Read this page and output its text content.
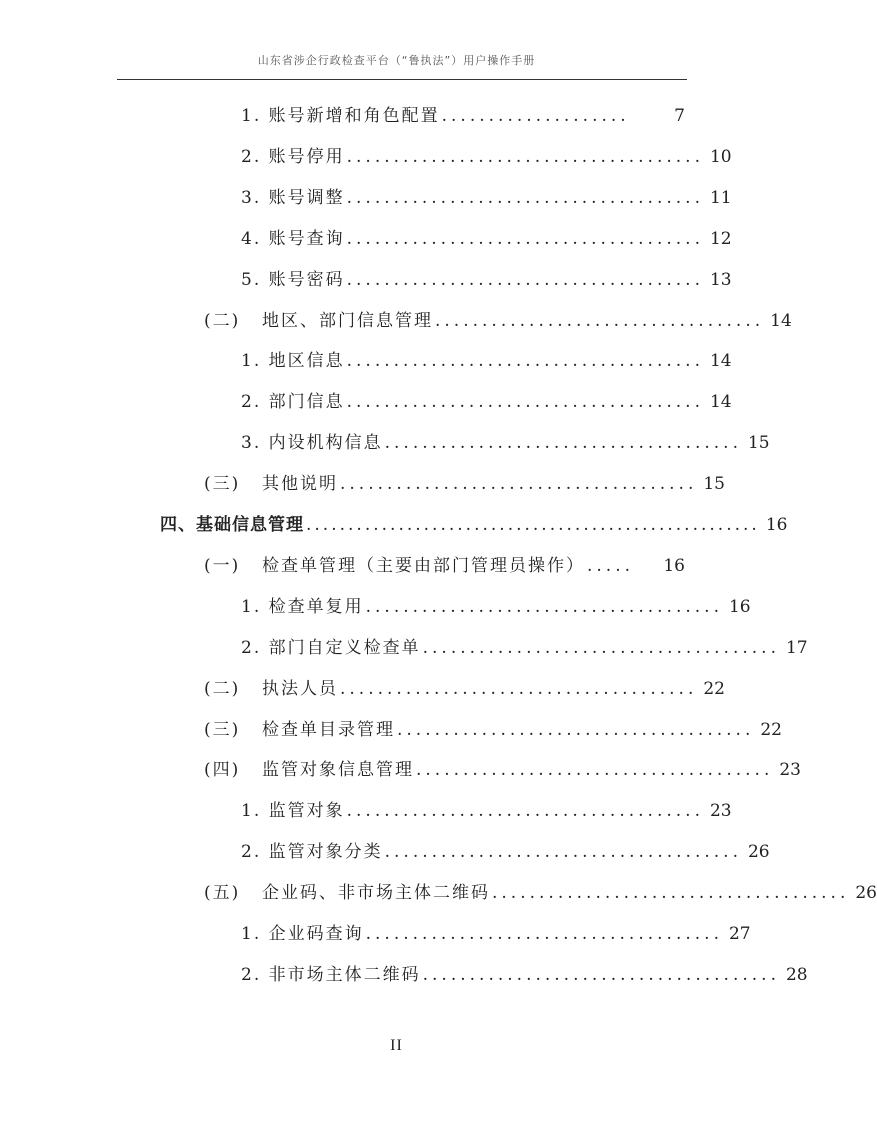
山东省涉企行政检查平台（“鲁执法”）用户操作手册
1. 账号新增和角色配置 ....................	7
2. 账号停用 ...................................... 10
3. 账号调整 ...................................... 11
4. 账号查询 ...................................... 12
5. 账号密码 ...................................... 13
(二) 地区、部门信息管理 ................................... 14
1. 地区信息 ...................................... 14
2. 部门信息 ...................................... 14
3. 内设机构信息 ...................................... 15
(三) 其他说明 ...................................... 15
四、基础信息管理 ...................................................... 16
(一) 检查单管理（主要由部门管理员操作） .....	16
1. 检查单复用 ...................................... 16
2. 部门自定义检查单 ...................................... 17
(二) 执法人员 ...................................... 22
(三) 检查单目录管理 ...................................... 22
(四) 监管对象信息管理 ...................................... 23
1. 监管对象 ...................................... 23
2. 监管对象分类 ...................................... 26
(五) 企业码、非市场主体二维码 ...................................... 26
1. 企业码查询 ...................................... 27
2. 非市场主体二维码 ...................................... 28
II
